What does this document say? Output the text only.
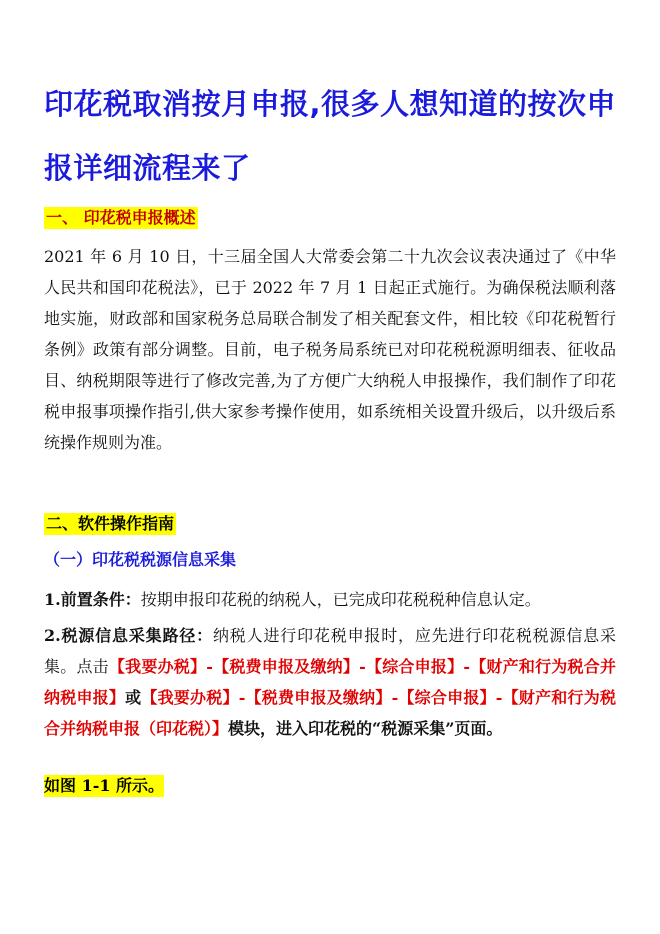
印花税取消按月申报,很多人想知道的按次申报详细流程来了
一、 印花税申报概述

2021 年 6 月 10 日，十三届全国人大常委会第二十九次会议表决通过了《中华人民共和国印花税法》，已于 2022 年 7 月 1 日起正式施行。为确保税法顺利落地实施，财政部和国家税务总局联合制发了相关配套文件，相比较《印花税暂行条例》政策有部分调整。目前，电子税务局系统已对印花税税源明细表、征收品目、纳税期限等进行了修改完善,为了方便广大纳税人申报操作，我们制作了印花税申报事项操作指引,供大家参考操作使用，如系统相关设置升级后，以升级后系统操作规则为准。

二、软件操作指南
（一）印花税税源信息采集

1.前置条件：按期申报印花税的纳税人，已完成印花税税种信息认定。

2.税源信息采集路径：纳税人进行印花税申报时，应先进行印花税税源信息采集。点击【我要办税】-【税费申报及缴纳】-【综合申报】-【财产和行为税合并纳税申报】或【我要办税】-【税费申报及缴纳】-【综合申报】-【财产和行为税合并纳税申报（印花税）】模块，进入印花税的“税源采集”页面。

如图 1-1 所示。
